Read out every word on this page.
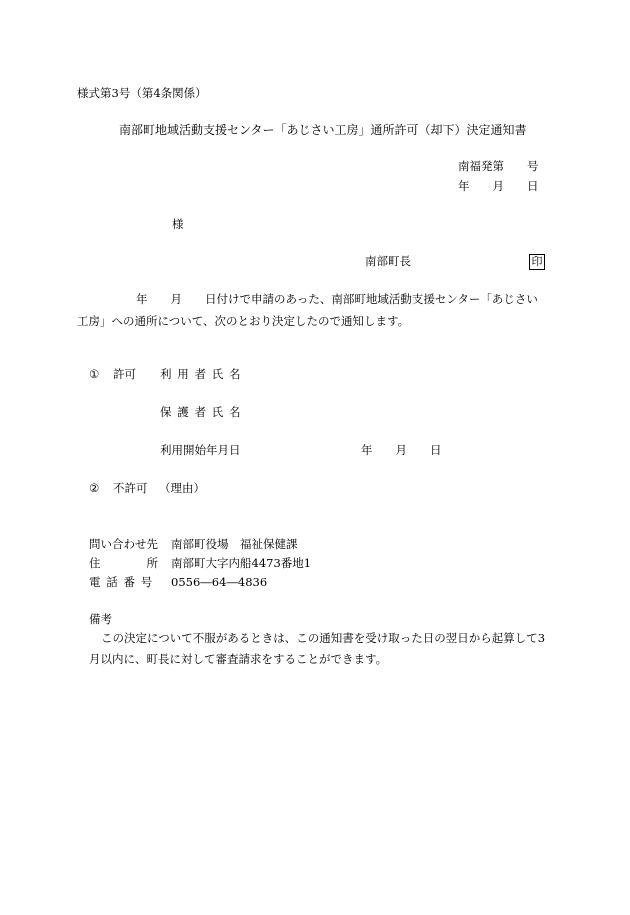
様式第3号（第4条関係）
南部町地域活動支援センター「あじさい工房」通所許可（却下）決定通知書
南福発第　　号
年　　月　　日
様
南部町長	印
年　　月　　日付けで申請のあった、南部町地域活動支援センター「あじさい
工房」への通所について、次のとおり決定したので通知します。
① 許可 利用者氏名
保護者氏名
利用開始年月日	年　　月　　日
② 不許可 （理由）
問い合わせ先 南部町役場　福祉保健課
住　　　　所 南部町大字内船4473番地1
電話番号 0556―64―4836
備考
この決定について不服があるときは、この通知書を受け取った日の翌日から起算して3
月以内に、町長に対して審査請求をすることができます。
